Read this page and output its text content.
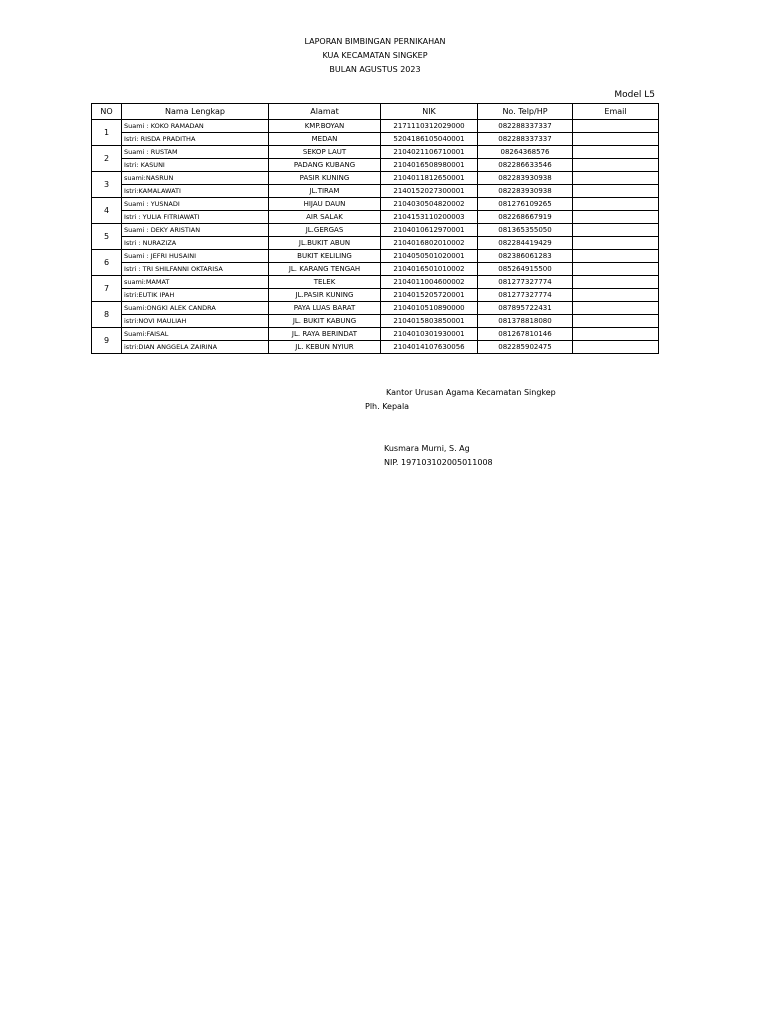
LAPORAN BIMBINGAN PERNIKAHAN
KUA KECAMATAN SINGKEP
BULAN AGUSTUS 2023
Model L5
NO	Nama Lengkap	Alamat	NIK	No. Telp/HP	Email
1	Suami : KOKO RAMADAN	KMP.BOYAN	2171110312029000	082288337337	
	Istri: RISDA PRADITHA	MEDAN	5204186105040001	082288337337	
2	Suami : RUSTAM	SEKOP LAUT	2104021106710001	08264368576	
	Istri: KASUNI	PADANG KUBANG	2104016508980001	082286633546	
3	suami:NASRUN	PASIR KUNING	2104011812650001	082283930938	
	Istri:KAMALAWATI	JL.TIRAM	2140152027300001	082283930938	
4	Suami : YUSNADI	HIJAU DAUN	2104030504820002	081276109265	
	Istri : YULIA FITRIAWATI	AIR SALAK	2104153110200003	082268667919	
5	Suami : DEKY ARISTIAN	JL.GERGAS	2104010612970001	081365355050	
	Istri : NURAZIZA	JL.BUKIT ABUN	2104016802010002	082284419429	
6	Suami : JEFRI HUSAINI	BUKIT KELILING	2104050501020001	082386061283	
	Istri : TRI SHILFANNI OKTARISA	JL. KARANG TENGAH	2104016501010002	085264915500	
7	suami:MAMAT	TELEK	2104011004600002	081277327774	
	istri:EUTIK IPAH	JL.PASIR KUNING	2104015205720001	081277327774	
8	Suami:ONGKI ALEK CANDRA	PAYA LUAS BARAT	2104010510890000	087895722431	
	istri:NOVI MAULIAH	JL. BUKIT KABUNG	2104015803850001	081378818080	
9	Suami:FAISAL	JL. RAYA BERINDAT	2104010301930001	081267810146	
	istri:DIAN ANGGELA ZAIRINA	JL. KEBUN NYIUR	2104014107630056	082285902475	
Kantor Urusan Agama Kecamatan Singkep
Plh. Kepala
Kusmara Murni, S. Ag
NIP. 197103102005011008
